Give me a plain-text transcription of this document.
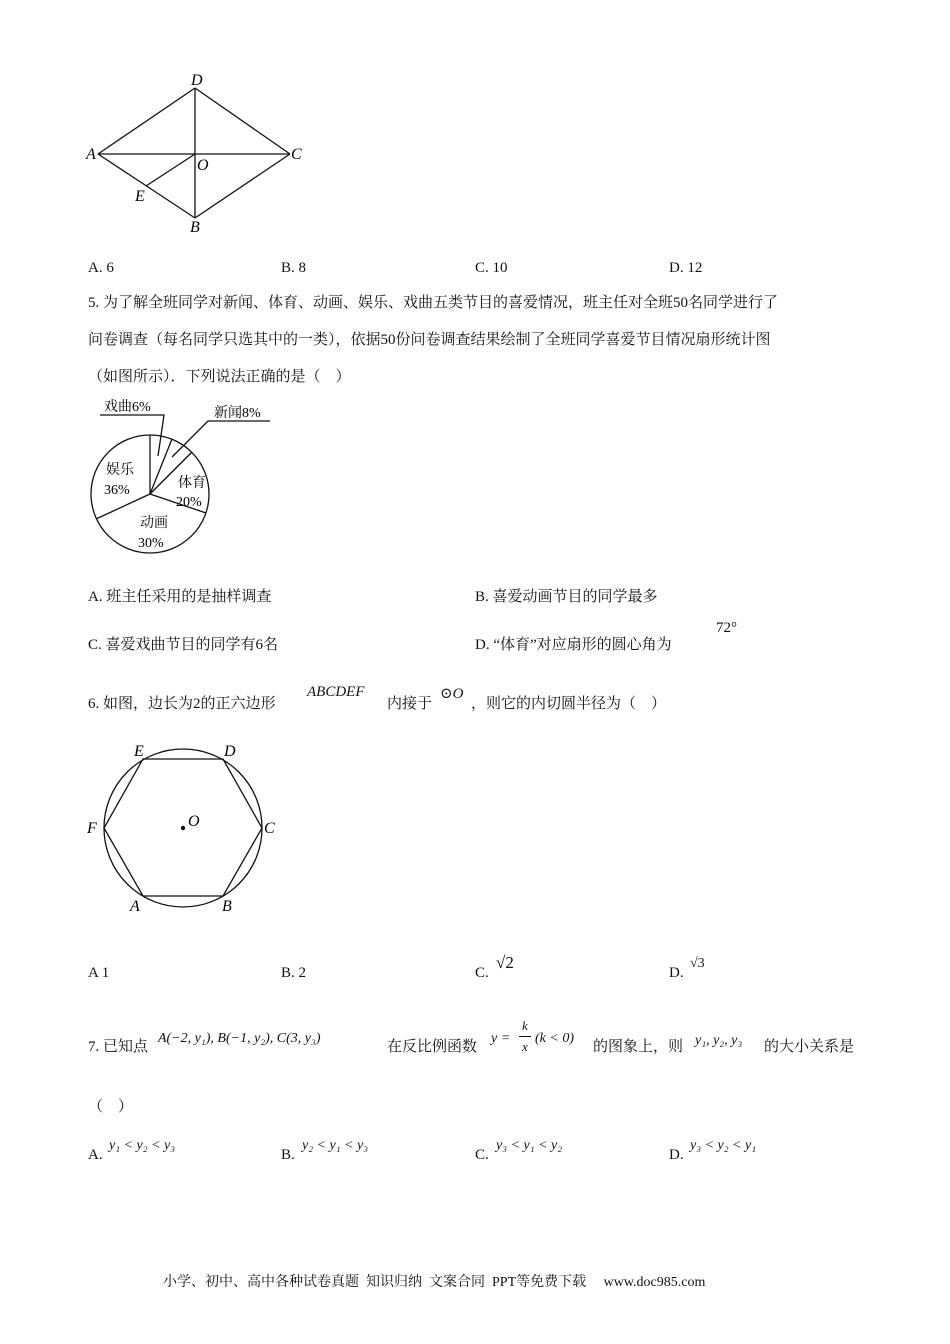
D
A
O
C
E
B
A. 6	B. 8	C. 10	D. 12
5. 为了解全班同学对新闻、体育、动画、娱乐、戏曲五类节目的喜爱情况，班主任对全班50名同学进行了
问卷调查（每名同学只选其中的一类），依据50份问卷调查结果绘制了全班同学喜爱节目情况扇形统计图
（如图所示）．下列说法正确的是（　）
戏曲6%	新闻8%
娱乐
36%	体育
20%
动画
30%
A. 班主任采用的是抽样调查	B. 喜爱动画节目的同学最多
C. 喜爱戏曲节目的同学有6名	D. “体育”对应扇形的圆心角为
72°
6. 如图，边长为2的正六边形
ABCDEF
内接于
⊙O
，则它的内切圆半径为（　）
E	D
F	O	C
A	B
A 1	B. 2	C.
√2
D.
√3
7. 已知点
A(−2, y₁), B(−1, y₂), C(3, y₃)
在反比例函数
y =
k
x
(k < 0)
的图象上，则 y₁, y₂, y₃ 的大小关系是
（　）
A.
y₁ < y₂ < y₃
B.
y₂ < y₁ < y₃
C.
y₃ < y₁ < y₂
D.
y₃ < y₂ < y₁
小学、初中、高中各种试卷真题  知识归纳  文案合同  PPT等免费下载     www.doc985.com
